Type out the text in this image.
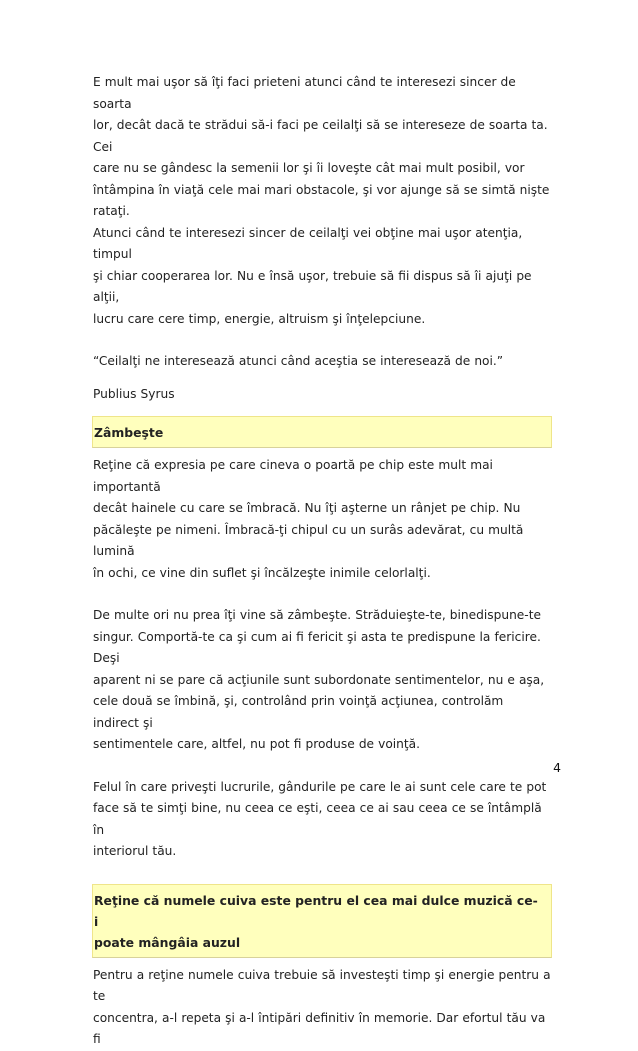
E mult mai uşor să îţi faci prieteni atunci când te interesezi sincer de soarta
lor, decât dacă te strădui să-i faci pe ceilalţi să se intereseze de soarta ta. Cei
care nu se gândesc la semenii lor şi îi loveşte cât mai mult posibil, vor
întâmpina în viaţă cele mai mari obstacole, şi vor ajunge să se simtă nişte
rataţi.
Atunci când te interesezi sincer de ceilalţi vei obţine mai uşor atenţia, timpul
şi chiar cooperarea lor. Nu e însă uşor, trebuie să fii dispus să îi ajuţi pe alţii,
lucru care cere timp, energie, altruism şi înţelepciune.

“Ceilalţi ne interesează atunci când aceştia se interesează de noi.”

Publius Syrus

Zâmbeşte

Reţine că expresia pe care cineva o poartă pe chip este mult mai importantă
decât hainele cu care se îmbracă. Nu îţi aşterne un rânjet pe chip. Nu
păcăleşte pe nimeni. Îmbracă-ţi chipul cu un surâs adevărat, cu multă lumină
în ochi, ce vine din suflet şi încălzeşte inimile celorlalţi.

De multe ori nu prea îţi vine să zâmbeşte. Străduieşte-te, binedispune-te
singur. Comportă-te ca şi cum ai fi fericit şi asta te predispune la fericire. Deşi
aparent ni se pare că acţiunile sunt subordonate sentimentelor, nu e aşa,
cele două se îmbină, şi, controlând prin voinţă acţiunea, controlăm indirect şi
sentimentele care, altfel, nu pot fi produse de voinţă.

Felul în care priveşti lucrurile, gândurile pe care le ai sunt cele care te pot
face să te simţi bine, nu ceea ce eşti, ceea ce ai sau ceea ce se întâmplă în
interiorul tău.

Reţine că numele cuiva este pentru el cea mai dulce muzică ce-i
poate mângâia auzul

Pentru a reţine numele cuiva trebuie să investeşti timp şi energie pentru a te
concentra, a-l repeta şi a-l întipări definitiv în memorie. Dar efortul tău va fi

4
